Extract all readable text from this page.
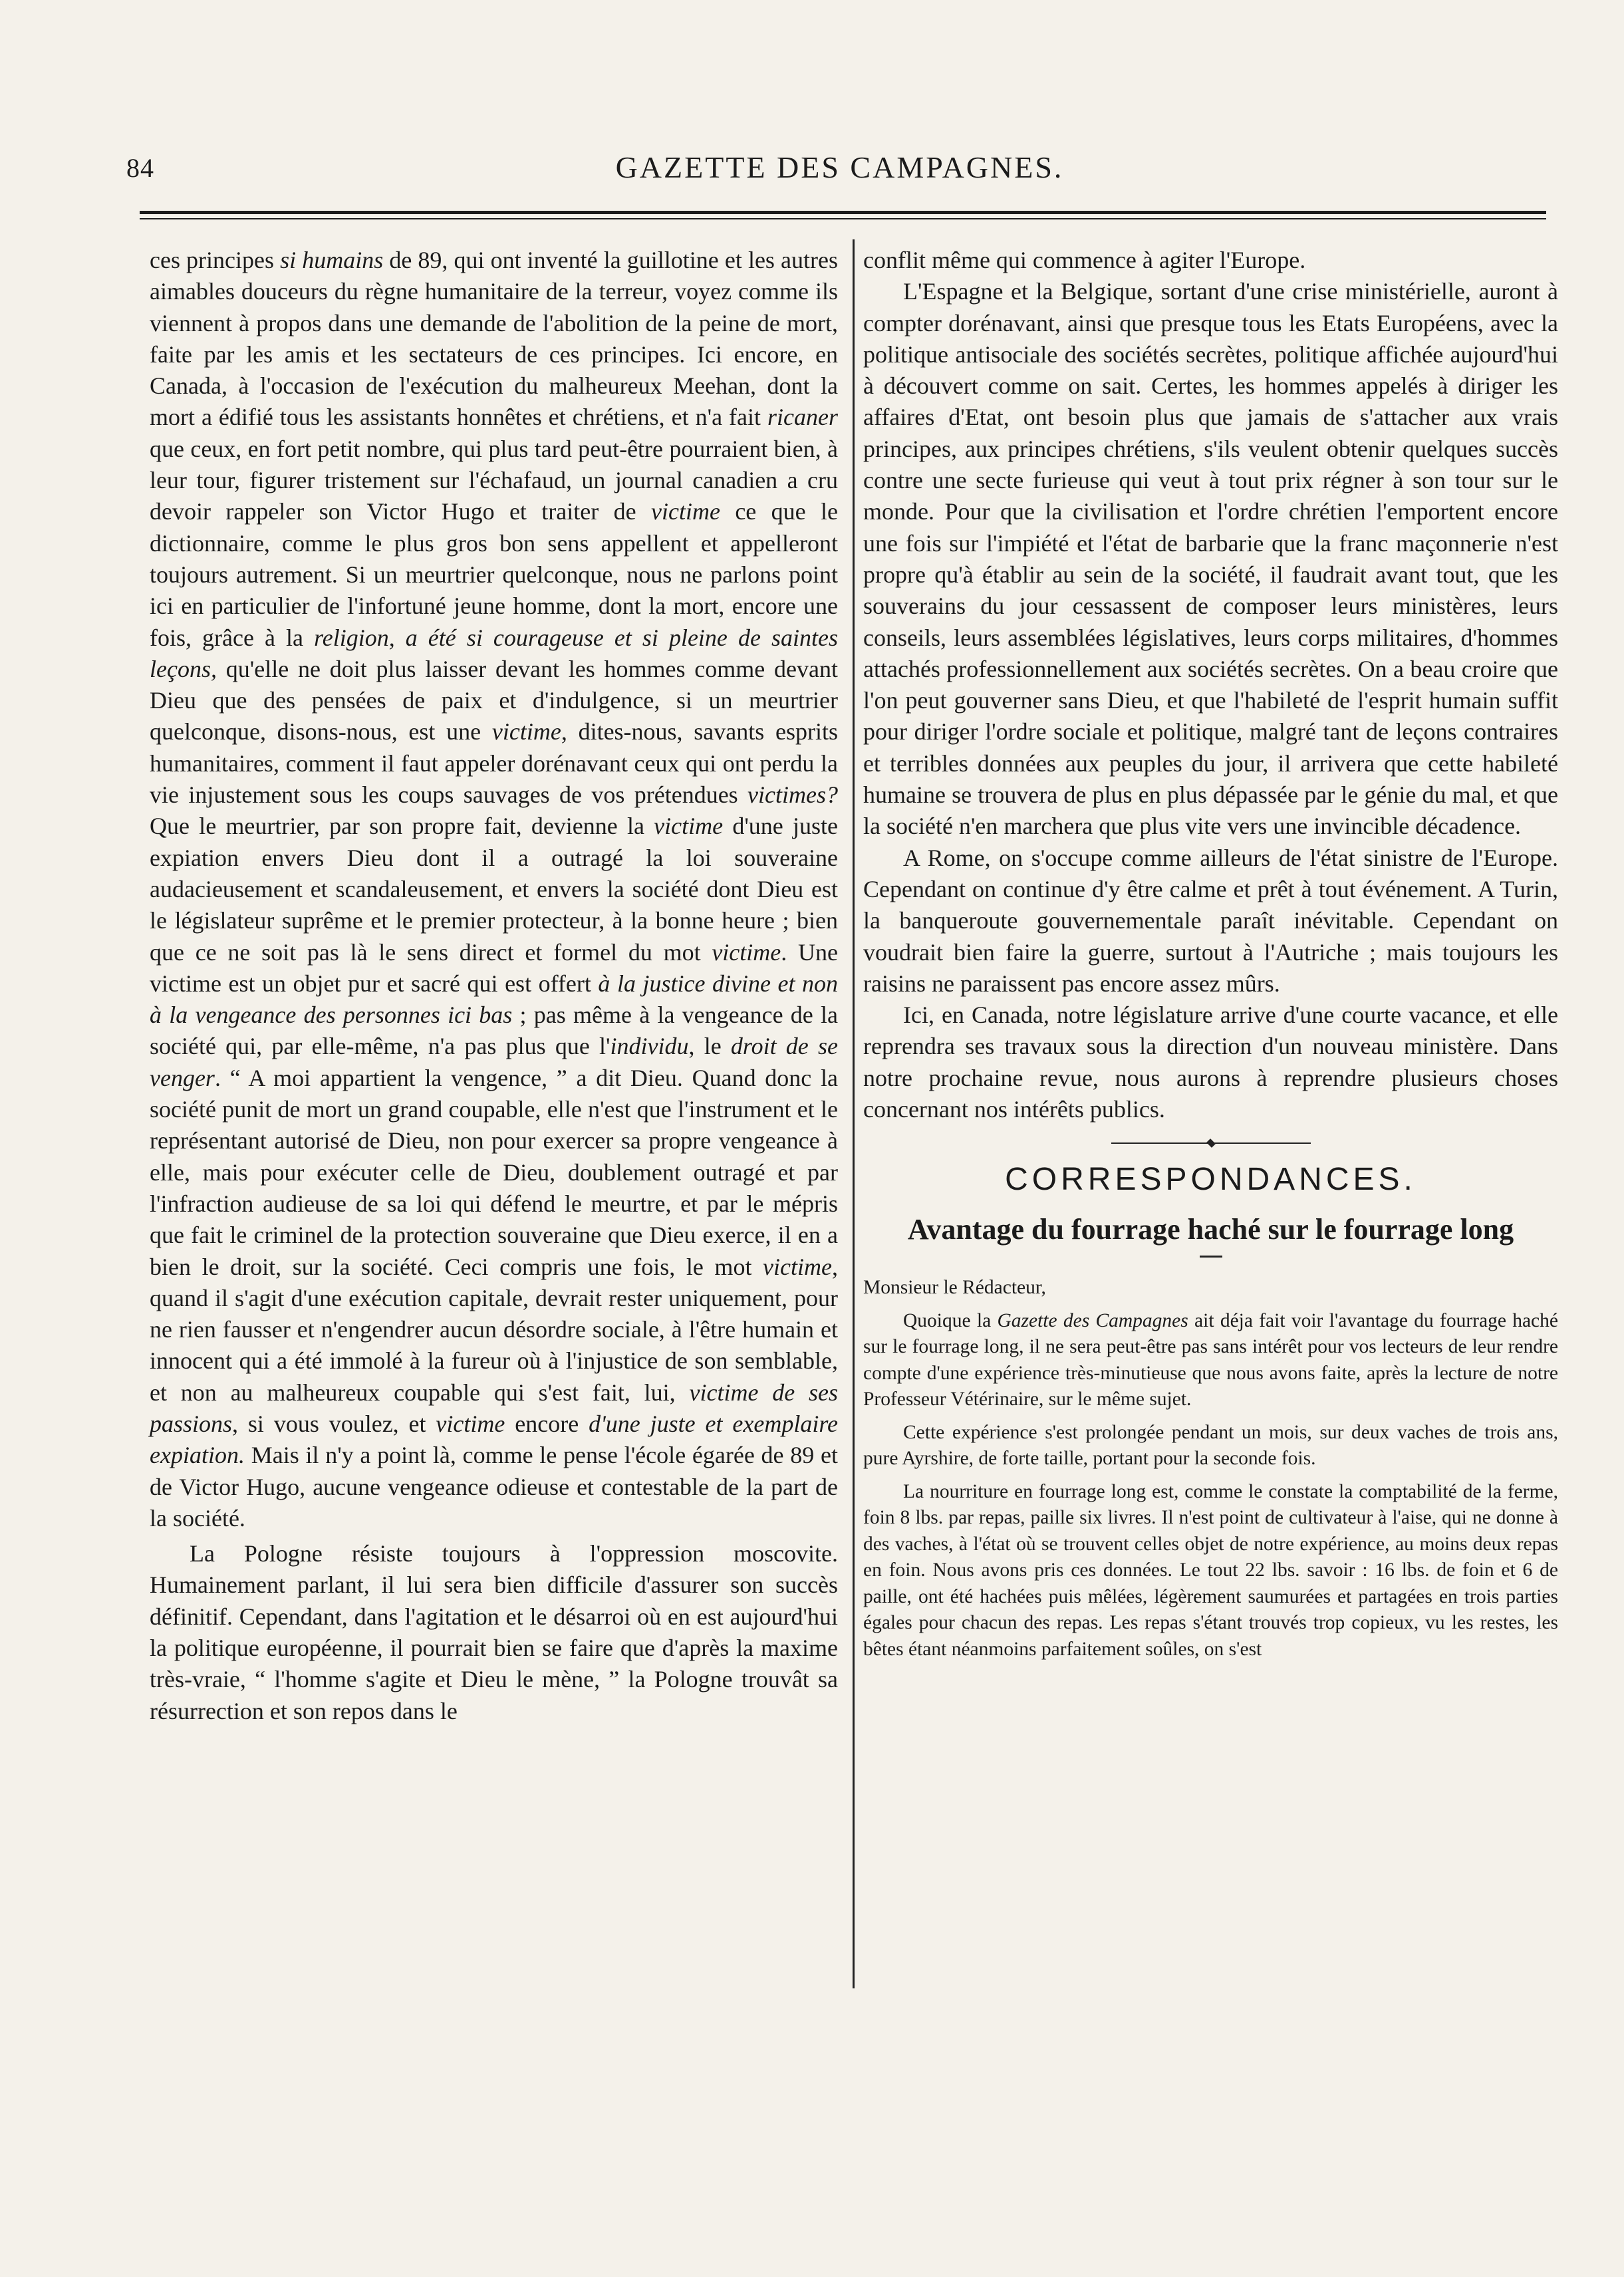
84	GAZETTE DES CAMPAGNES.

ces principes si humains de 89, qui ont inventé la guillotine et les autres aimables douceurs du règne humanitaire de la terreur, voyez comme ils viennent à propos dans une demande de l'abolition de la peine de mort, faite par les amis et les sectateurs de ces principes. Ici encore, en Canada, à l'occasion de l'exécution du malheureux Meehan, dont la mort a édifié tous les assistants honnêtes et chrétiens, et n'a fait ricaner que ceux, en fort petit nombre, qui plus tard peut-être pourraient bien, à leur tour, figurer tristement sur l'échafaud, un journal canadien a cru devoir rappeler son Victor Hugo et traiter de victime ce que le dictionnaire, comme le plus gros bon sens appellent et appelleront toujours autrement. Si un meurtrier quelconque, nous ne parlons point ici en particulier de l'infortuné jeune homme, dont la mort, encore une fois, grâce à la religion, a été si courageuse et si pleine de saintes leçons, qu'elle ne doit plus laisser devant les hommes comme devant Dieu que des pensées de paix et d'indulgence, si un meurtrier quelconque, disons-nous, est une victime, dites-nous, savants esprits humanitaires, comment il faut appeler dorénavant ceux qui ont perdu la vie injustement sous les coups sauvages de vos prétendues victimes? Que le meurtrier, par son propre fait, devienne la victime d'une juste expiation envers Dieu dont il a outragé la loi souveraine audacieusement et scandaleusement, et envers la société dont Dieu est le législateur suprême et le premier protecteur, à la bonne heure ; bien que ce ne soit pas là le sens direct et formel du mot victime. Une victime est un objet pur et sacré qui est offert à la justice divine et non à la vengeance des personnes ici bas ; pas même à la vengeance de la société qui, par elle-même, n'a pas plus que l'individu, le droit de se venger. “ A moi appartient la vengence, ” a dit Dieu. Quand donc la société punit de mort un grand coupable, elle n'est que l'instrument et le représentant autorisé de Dieu, non pour exercer sa propre vengeance à elle, mais pour exécuter celle de Dieu, doublement outragé et par l'infraction audieuse de sa loi qui défend le meurtre, et par le mépris que fait le criminel de la protection souveraine que Dieu exerce, il en a bien le droit, sur la société. Ceci compris une fois, le mot victime, quand il s'agit d'une exécution capitale, devrait rester uniquement, pour ne rien fausser et n'engendrer aucun désordre sociale, à l'être humain et innocent qui a été immolé à la fureur où à l'injustice de son semblable, et non au malheureux coupable qui s'est fait, lui, victime de ses passions, si vous voulez, et victime encore d'une juste et exemplaire expiation. Mais il n'y a point là, comme le pense l'école égarée de 89 et de Victor Hugo, aucune vengeance odieuse et contestable de la part de la société.

La Pologne résiste toujours à l'oppression moscovite. Humainement parlant, il lui sera bien difficile d'assurer son succès définitif. Cependant, dans l'agitation et le désarroi où en est aujourd'hui la politique européenne, il pourrait bien se faire que d'après la maxime très-vraie, “ l'homme s'agite et Dieu le mène, ” la Pologne trouvât sa résurrection et son repos dans le

conflit même qui commence à agiter l'Europe.

L'Espagne et la Belgique, sortant d'une crise ministérielle, auront à compter dorénavant, ainsi que presque tous les Etats Européens, avec la politique antisociale des sociétés secrètes, politique affichée aujourd'hui à découvert comme on sait. Certes, les hommes appelés à diriger les affaires d'Etat, ont besoin plus que jamais de s'attacher aux vrais principes, aux principes chrétiens, s'ils veulent obtenir quelques succès contre une secte furieuse qui veut à tout prix régner à son tour sur le monde. Pour que la civilisation et l'ordre chrétien l'emportent encore une fois sur l'impiété et l'état de barbarie que la franc maçonnerie n'est propre qu'à établir au sein de la société, il faudrait avant tout, que les souverains du jour cessassent de composer leurs ministères, leurs conseils, leurs assemblées législatives, leurs corps militaires, d'hommes attachés professionnellement aux sociétés secrètes. On a beau croire que l'on peut gouverner sans Dieu, et que l'habileté de l'esprit humain suffit pour diriger l'ordre sociale et politique, malgré tant de leçons contraires et terribles données aux peuples du jour, il arrivera que cette habileté humaine se trouvera de plus en plus dépassée par le génie du mal, et que la société n'en marchera que plus vite vers une invincible décadence.

A Rome, on s'occupe comme ailleurs de l'état sinistre de l'Europe. Cependant on continue d'y être calme et prêt à tout événement. A Turin, la banqueroute gouvernementale paraît inévitable. Cependant on voudrait bien faire la guerre, surtout à l'Autriche ; mais toujours les raisins ne paraissent pas encore assez mûrs.

Ici, en Canada, notre législature arrive d'une courte vacance, et elle reprendra ses travaux sous la direction d'un nouveau ministère. Dans notre prochaine revue, nous aurons à reprendre plusieurs choses concernant nos intérêts publics.

CORRESPONDANCES.
Avantage du fourrage haché sur le fourrage long

Monsieur le Rédacteur,

Quoique la Gazette des Campagnes ait déja fait voir l'avantage du fourrage haché sur le fourrage long, il ne sera peut-être pas sans intérêt pour vos lecteurs de leur rendre compte d'une expérience très-minutieuse que nous avons faite, après la lecture de notre Professeur Vétérinaire, sur le même sujet.

Cette expérience s'est prolongée pendant un mois, sur deux vaches de trois ans, pure Ayrshire, de forte taille, portant pour la seconde fois.

La nourriture en fourrage long est, comme le constate la comptabilité de la ferme, foin 8 lbs. par repas, paille six livres. Il n'est point de cultivateur à l'aise, qui ne donne à des vaches, à l'état où se trouvent celles objet de notre expérience, au moins deux repas en foin. Nous avons pris ces données. Le tout 22 lbs. savoir : 16 lbs. de foin et 6 de paille, ont été hachées puis mêlées, légèrement saumurées et partagées en trois parties égales pour chacun des repas. Les repas s'étant trouvés trop copieux, vu les restes, les bêtes étant néanmoins parfaitement soûles, on s'est
